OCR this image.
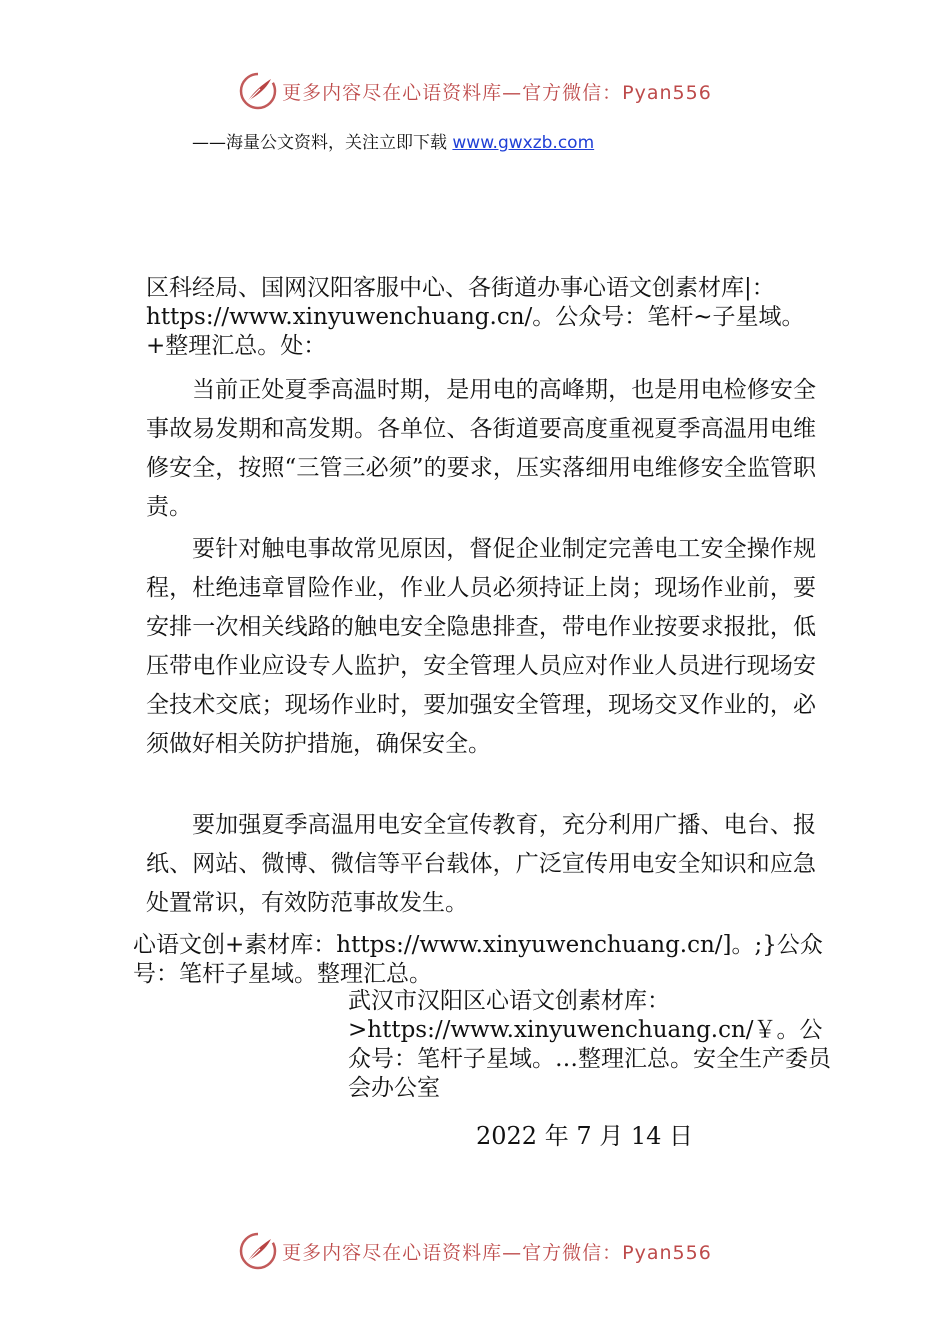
更多内容尽在心语资料库—官方微信：Pyan556
——海量公文资料，关注立即下载 www.gwxzb.com
区科经局、国网汉阳客服中心、各街道办事心语文创素材库|：https://www.xinyuwenchuang.cn/。公众号：笔杆~子星域。+整理汇总。处：

当前正处夏季高温时期，是用电的高峰期，也是用电检修安全事故易发期和高发期。各单位、各街道要高度重视夏季高温用电维修安全，按照“三管三必须”的要求，压实落细用电维修安全监管职责。

要针对触电事故常见原因，督促企业制定完善电工安全操作规程，杜绝违章冒险作业，作业人员必须持证上岗；现场作业前，要安排一次相关线路的触电安全隐患排查，带电作业按要求报批，低压带电作业应设专人监护，安全管理人员应对作业人员进行现场安全技术交底；现场作业时，要加强安全管理，现场交叉作业的，必须做好相关防护措施，确保安全。

要加强夏季高温用电安全宣传教育，充分利用广播、电台、报纸、网站、微博、微信等平台载体，广泛宣传用电安全知识和应急处置常识，有效防范事故发生。

心语文创+素材库：https://www.xinyuwenchuang.cn/]。;}公众号：笔杆子星域。整理汇总。
武汉市汉阳区心语文创素材库：>https://www.xinyuwenchuang.cn/￥。公众号：笔杆子星域。…整理汇总。安全生产委员会办公室
2022 年 7 月 14 日
更多内容尽在心语资料库—官方微信：Pyan556
